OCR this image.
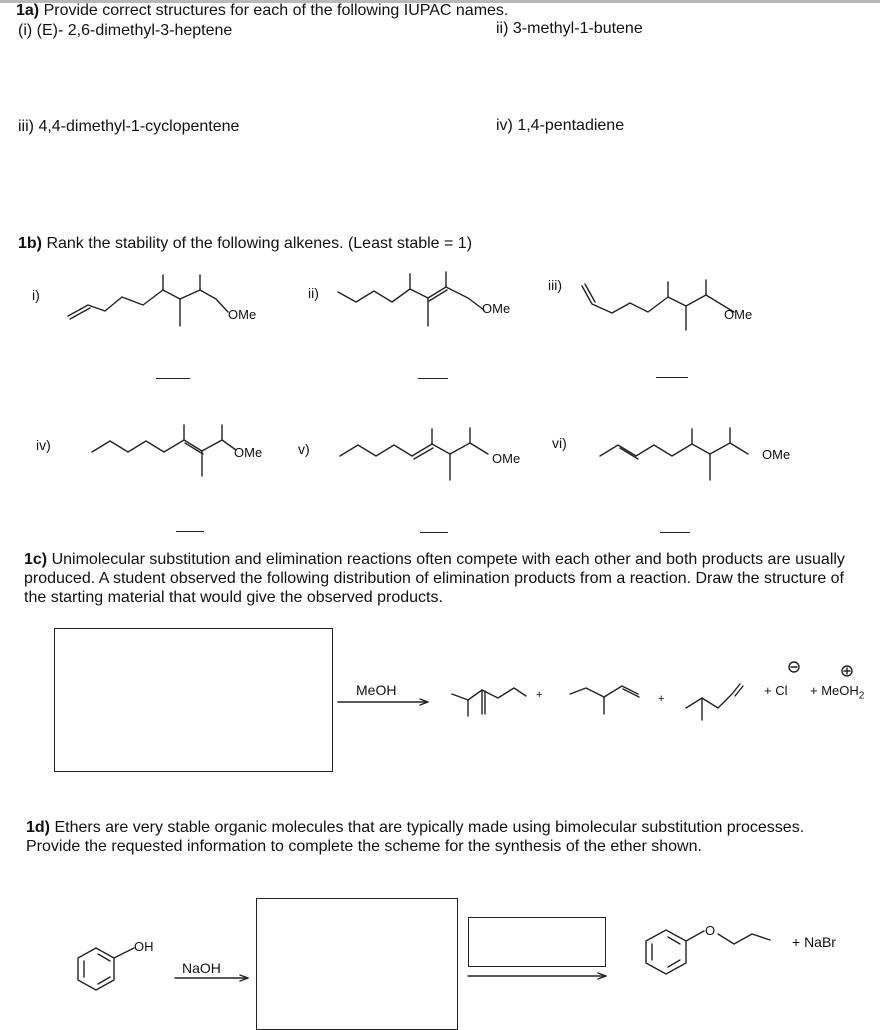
1a) Provide correct structures for each of the following IUPAC names.
(i) (E)- 2,6-dimethyl-3-heptene	ii) 3-methyl-1-butene
iii) 4,4-dimethyl-1-cyclopentene	iv) 1,4-pentadiene
1b) Rank the stability of the following alkenes. (Least stable = 1)
i)
OMe
ii)
OMe
iii)
OMe
iv)	OMe	v)
OMe
vi)
OMe
1c) Unimolecular substitution and elimination reactions often compete with each other and both products are usually produced. A student observed the following distribution of elimination products from a reaction. Draw the structure of the starting material that would give the observed products.
MeOH	+	+
+ Cl + MeOH$_2$
1d) Ethers are very stable organic molecules that are typically made using bimolecular substitution processes. Provide the requested information to complete the scheme for the synthesis of the ether shown.
OH
NaOH
O
+ NaBr
